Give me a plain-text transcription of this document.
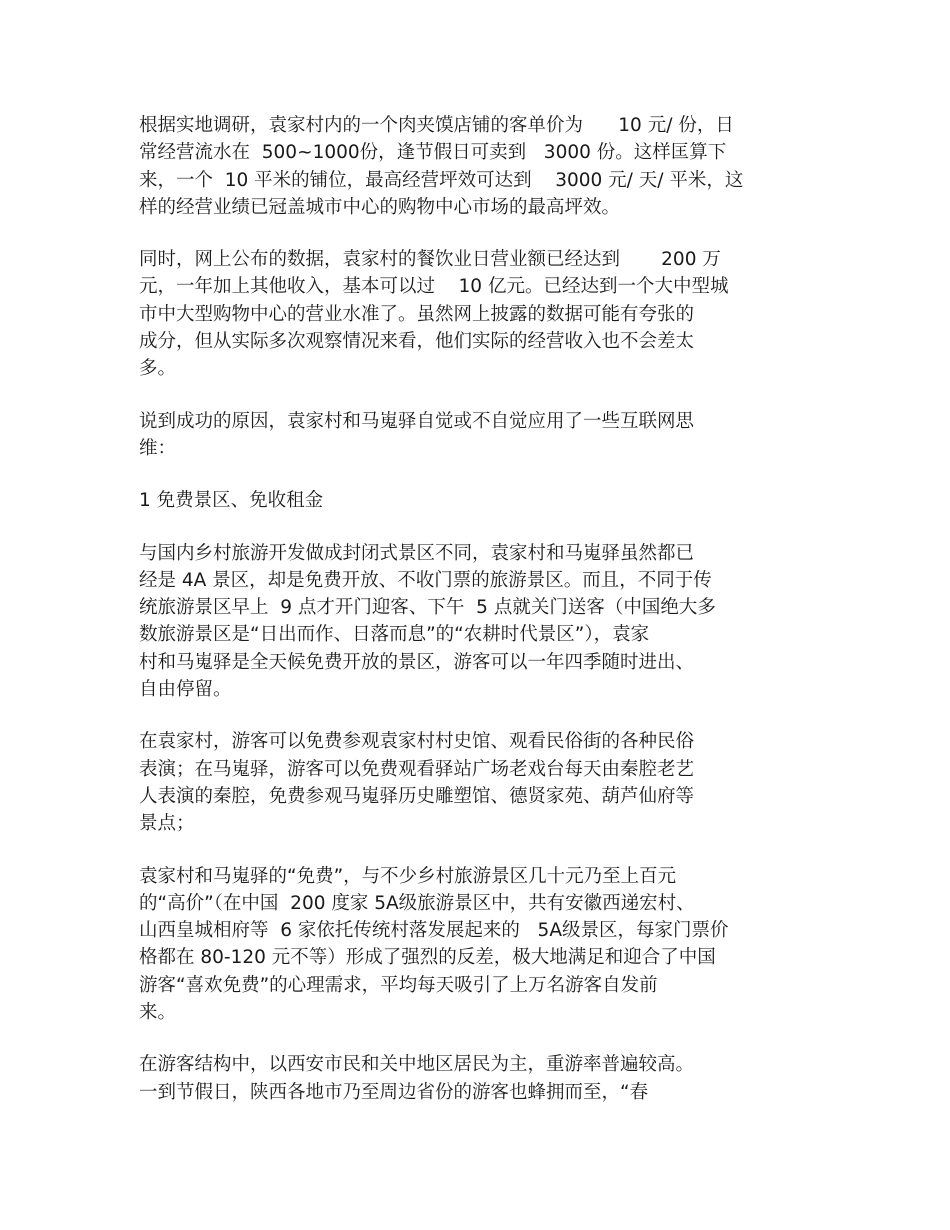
根据实地调研，袁家村内的一个肉夹馍店铺的客单价为      10 元/ 份，日
常经营流水在  500~1000份，逢节假日可卖到   3000 份。这样匡算下
来，一个  10 平米的铺位，最高经营坪效可达到    3000 元/ 天/ 平米，这
样的经营业绩已冠盖城市中心的购物中心市场的最高坪效。

同时，网上公布的数据，袁家村的餐饮业日营业额已经达到       200 万
元，一年加上其他收入，基本可以过    10 亿元。已经达到一个大中型城
市中大型购物中心的营业水准了。虽然网上披露的数据可能有夸张的
成分，但从实际多次观察情况来看，他们实际的经营收入也不会差太
多。

说到成功的原因，袁家村和马嵬驿自觉或不自觉应用了一些互联网思
维：

1 免费景区、免收租金

与国内乡村旅游开发做成封闭式景区不同，袁家村和马嵬驿虽然都已
经是 4A 景区，却是免费开放、不收门票的旅游景区。而且，不同于传
统旅游景区早上  9 点才开门迎客、下午  5 点就关门送客（中国绝大多
数旅游景区是“日出而作、日落而息”的“农耕时代景区”），袁家
村和马嵬驿是全天候免费开放的景区，游客可以一年四季随时进出、
自由停留。

在袁家村，游客可以免费参观袁家村村史馆、观看民俗街的各种民俗
表演；在马嵬驿，游客可以免费观看驿站广场老戏台每天由秦腔老艺
人表演的秦腔，免费参观马嵬驿历史雕塑馆、德贤家苑、葫芦仙府等
景点；

袁家村和马嵬驿的“免费”，与不少乡村旅游景区几十元乃至上百元
的“高价”（在中国  200 度家 5A级旅游景区中，共有安徽西递宏村、
山西皇城相府等  6 家依托传统村落发展起来的   5A级景区，每家门票价
格都在 80-120 元不等）形成了强烈的反差，极大地满足和迎合了中国
游客“喜欢免费”的心理需求，平均每天吸引了上万名游客自发前
来。

在游客结构中，以西安市民和关中地区居民为主，重游率普遍较高。
一到节假日，陕西各地市乃至周边省份的游客也蜂拥而至，“春
